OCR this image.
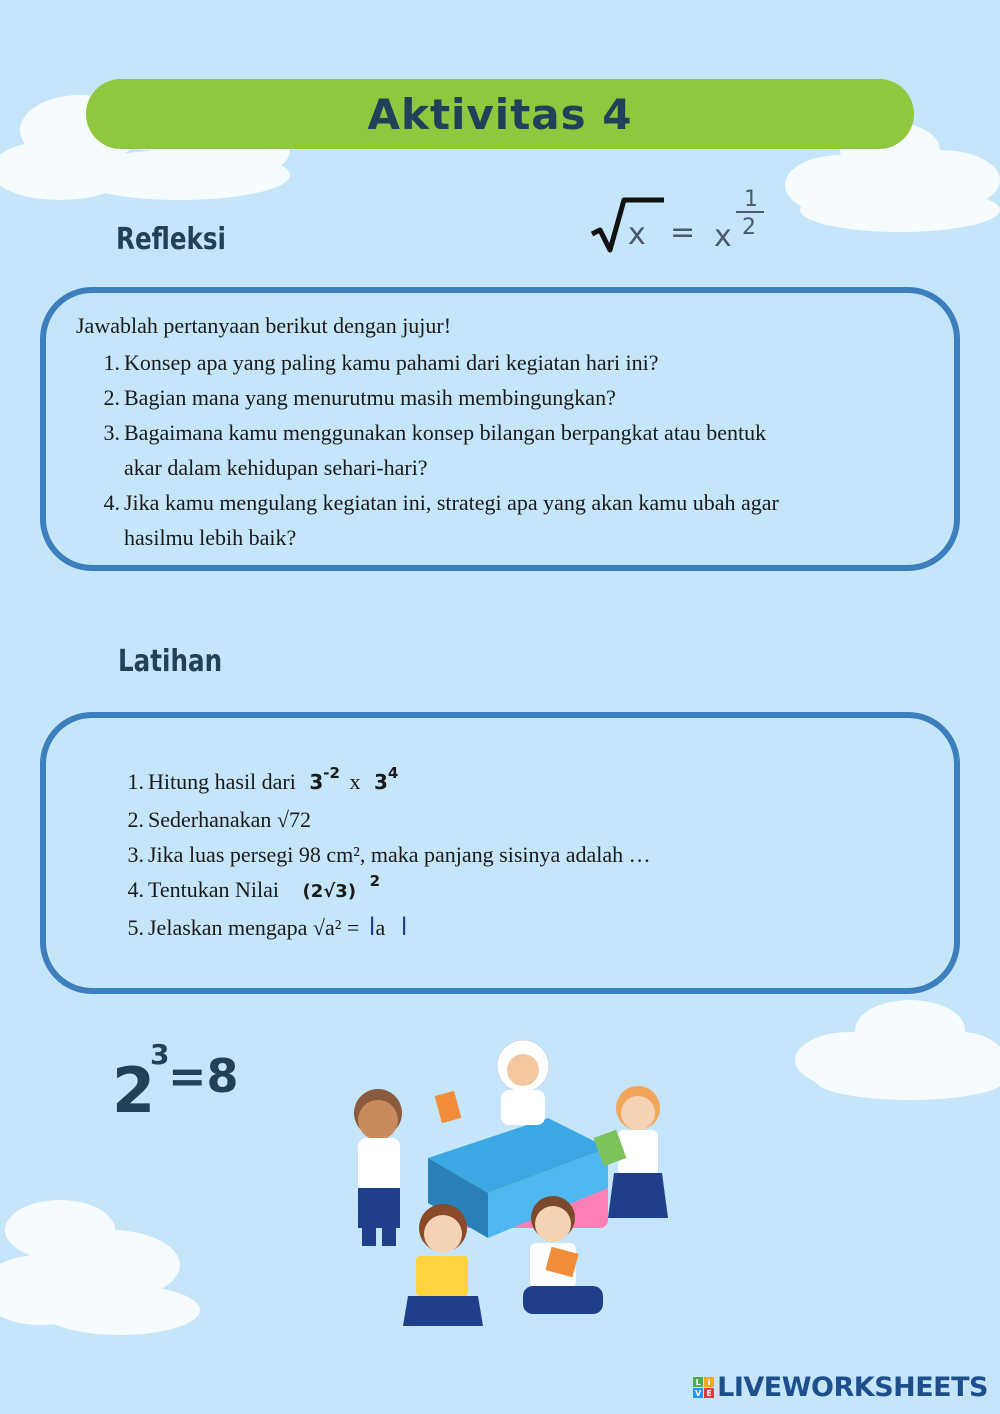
Aktivitas 4
Refleksi	x = x
1
2
Jawablah pertanyaan berikut dengan jujur!
1. Konsep apa yang paling kamu pahami dari kegiatan hari ini?
2. Bagian mana yang menurutmu masih membingungkan?
3. Bagaimana kamu menggunakan konsep bilangan berpangkat atau bentuk
akar dalam kehidupan sehari-hari?
4. Jika kamu mengulang kegiatan ini, strategi apa yang akan kamu ubah agar
hasilmu lebih baik?
Latihan
1. Hitung hasil dari $3^{-2}$ x $3^4$
2. Sederhanakan √72
3. Jika luas persegi 98 cm², maka panjang sisinya adalah …
4. Tentukan Nilai (2√3) $^2$
5. Jelaskan mengapa √a² = la l
2
3
=8
L I
V E LIVEWORKSHEETS
